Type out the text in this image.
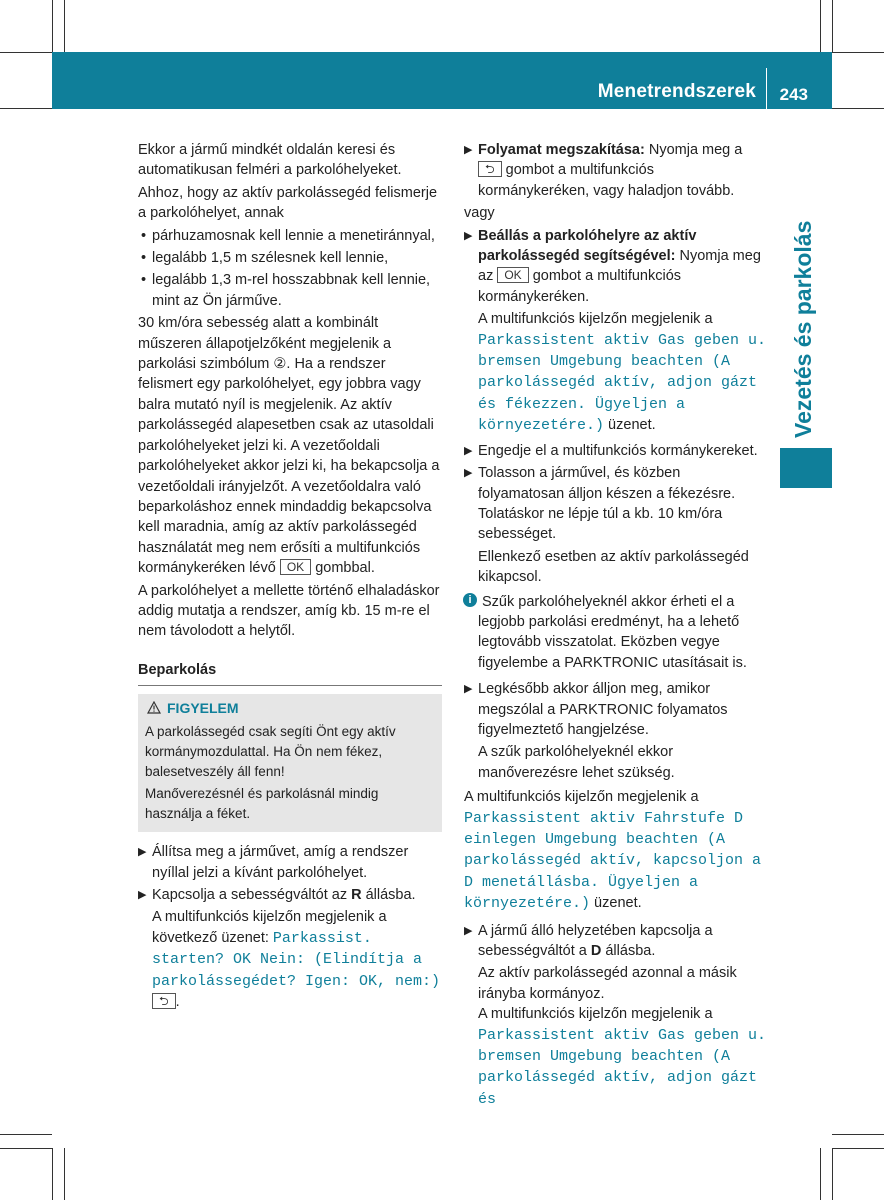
Menetrendszerek 243
Vezetés és parkolás

Ekkor a jármű mindkét oldalán keresi és automatikusan felméri a parkolóhelyeket.

Ahhoz, hogy az aktív parkolássegéd felismerje a parkolóhelyet, annak

• párhuzamosnak kell lennie a menetiránnyal,
• legalább 1,5 m szélesnek kell lennie,
• legalább 1,3 m-rel hosszabbnak kell lennie, mint az Ön járműve.

30 km/óra sebesség alatt a kombinált műszeren állapotjelzőként megjelenik a parkolási szimbólum ②. Ha a rendszer felismert egy parkolóhelyet, egy jobbra vagy balra mutató nyíl is megjelenik. Az aktív parkolássegéd alapesetben csak az utasoldali parkolóhelyeket jelzi ki. A vezetőoldali parkolóhelyeket akkor jelzi ki, ha bekapcsolja a vezetőoldali irányjelzőt. A vezetőoldalra való beparkoláshoz ennek mindaddig bekapcsolva kell maradnia, amíg az aktív parkolássegéd használatát meg nem erősíti a multifunkciós kormánykeréken lévő OK gombbal.

A parkolóhelyet a mellette történő elhaladáskor addig mutatja a rendszer, amíg kb. 15 m-re el nem távolodott a helytől.

Beparkolás
FIGYELEM

A parkolássegéd csak segíti Önt egy aktív kormánymozdulattal. Ha Ön nem fékez, balesetveszély áll fenn!

Manőverezésnél és parkolásnál mindig használja a féket.

▶ Állítsa meg a járművet, amíg a rendszer nyíllal jelzi a kívánt parkolóhelyet.
▶ Kapcsolja a sebességváltót az R állásba.
A multifunkciós kijelzőn megjelenik a következő üzenet: Parkassist. starten? OK Nein: (Elindítja a parkolássegédet? Igen: OK, nem:) ⮌ .
▶ Folyamat megszakítása: Nyomja meg a ⮌ gombot a multifunkciós kormánykeréken, vagy haladjon tovább.

vagy

▶ Beállás a parkolóhelyre az aktív parkolássegéd segítségével: Nyomja meg az OK gombot a multifunkciós kormánykeréken.
A multifunkciós kijelzőn megjelenik a Parkassistent aktiv Gas geben u. bremsen Umgebung beachten (A parkolássegéd aktív, adjon gázt és fékezzen. Ügyeljen a környezetére.) üzenet.
▶ Engedje el a multifunkciós kormánykereket.
▶ Tolasson a járművel, és közben folyamatosan álljon készen a fékezésre. Tolatáskor ne lépje túl a kb. 10 km/óra sebességet.
Ellenkező esetben az aktív parkolássegéd kikapcsol.
i Szűk parkolóhelyeknél akkor érheti el a legjobb parkolási eredményt, ha a lehető legtovább visszatolat. Eközben vegye figyelembe a PARKTRONIC utasításait is.
▶ Legkésőbb akkor álljon meg, amikor megszólal a PARKTRONIC folyamatos figyelmeztető hangjelzése.
A szűk parkolóhelyeknél ekkor manőverezésre lehet szükség.

A multifunkciós kijelzőn megjelenik a Parkassistent aktiv Fahrstufe D einlegen Umgebung beachten (A parkolássegéd aktív, kapcsoljon a D menetállásba. Ügyeljen a környezetére.) üzenet.

▶ A jármű álló helyzetében kapcsolja a sebességváltót a D állásba.
Az aktív parkolássegéd azonnal a másik irányba kormányoz.
A multifunkciós kijelzőn megjelenik a Parkassistent aktiv Gas geben u. bremsen Umgebung beachten (A parkolássegéd aktív, adjon gázt és
